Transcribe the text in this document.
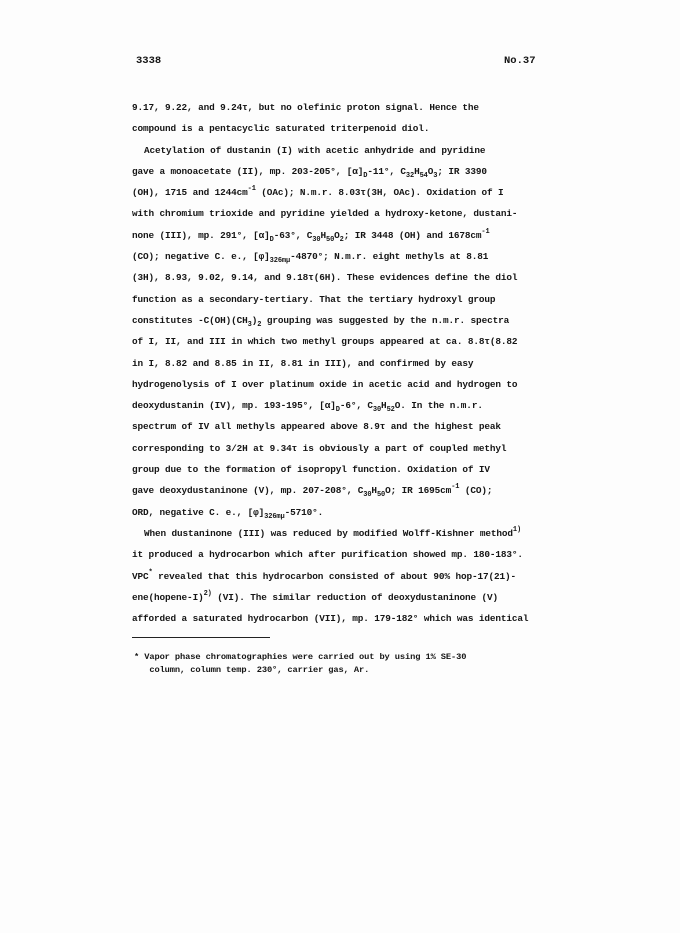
3338	No.37
9.17, 9.22, and 9.24τ, but no olefinic proton signal. Hence the
compound is a pentacyclic saturated triterpenoid diol.
Acetylation of dustanin (I) with acetic anhydride and pyridine
gave a monoacetate (II), mp. 203-205°, $[\alpha]_D-11^\circ$, $C_{32}H_{54}O_3$; IR 3390
(OH), 1715 and $1244cm^{-1}$ (OAc); N.m.r. 8.03τ(3H, OAc). Oxidation of I
with chromium trioxide and pyridine yielded a hydroxy-ketone, dustani-
none (III), mp. 291°, $[\alpha]_D-63^\circ$, $C_{30}H_{50}O_2$; IR 3448 (OH) and $1678cm^{-1}$
(CO); negative C. e., $[\varphi]_{326m\mu}-4870^\circ$; N.m.r. eight methyls at 8.81
(3H), 8.93, 9.02, 9.14, and 9.18τ(6H). These evidences define the diol
function as a secondary-tertiary. That the tertiary hydroxyl group
constitutes $-C(OH)(CH_3)_2$ grouping was suggested by the n.m.r. spectra
of I, II, and III in which two methyl groups appeared at ca. 8.8τ(8.82
in I, 8.82 and 8.85 in II, 8.81 in III), and confirmed by easy
hydrogenolysis of I over platinum oxide in acetic acid and hydrogen to
deoxydustanin (IV), mp. 193-195°, $[\alpha]_D-6^\circ$, $C_{30}H_{52}O$. In the n.m.r.
spectrum of IV all methyls appeared above 8.9τ and the highest peak
corresponding to 3/2H at 9.34τ is obviously a part of coupled methyl
group due to the formation of isopropyl function. Oxidation of IV
gave deoxydustaninone (V), mp. 207-208°, $C_{30}H_{50}O$; IR $1695cm^{-1}$ (CO);
ORD, negative C. e., $[\varphi]_{326m\mu}-5710^\circ$.
When dustaninone (III) was reduced by modified Wolff-Kishner method$^{1)}$
it produced a hydrocarbon which after purification showed mp. 180-183°.
VPC* revealed that this hydrocarbon consisted of about 90% hop-17(21)-
ene(hopene-I)$^{2)}$ (VI). The similar reduction of deoxydustaninone (V)
afforded a saturated hydrocarbon (VII), mp. 179-182° which was identical
* Vapor phase chromatographies were carried out by using 1% SE-30
column, column temp. 230°, carrier gas, Ar.
